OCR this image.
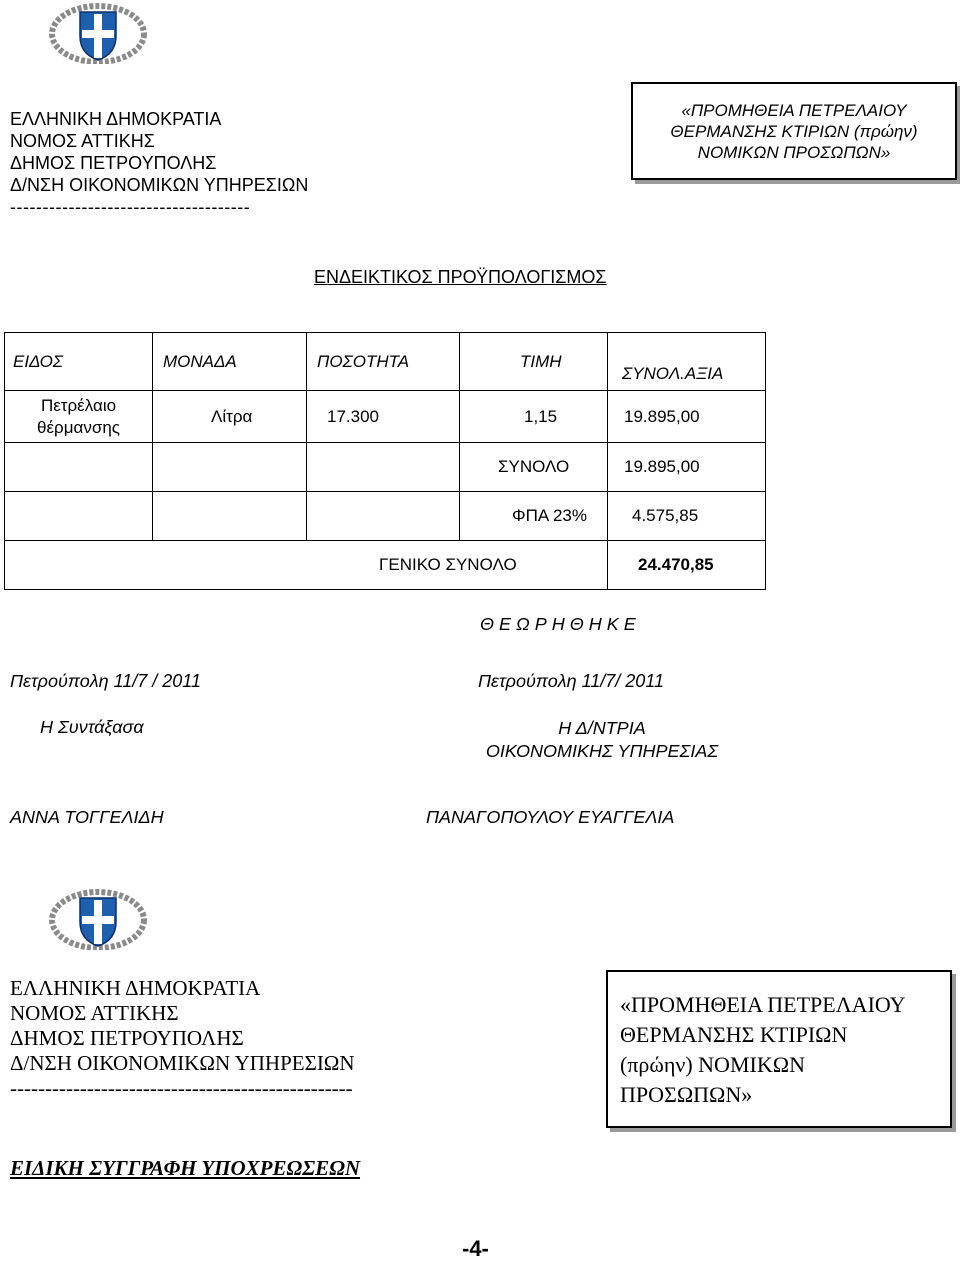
ΕΛΛΗΝΙΚΗ ΔΗΜΟΚΡΑΤΙΑ
ΝΟΜΟΣ ΑΤΤΙΚΗΣ
ΔΗΜΟΣ ΠΕΤΡΟΥΠΟΛΗΣ
Δ/ΝΣΗ ΟΙΚΟΝΟΜΙΚΩΝ ΥΠΗΡΕΣΙΩΝ
-------------------------------------
«ΠΡΟΜΗΘΕΙΑ ΠΕΤΡΕΛΑΙΟΥ
ΘΕΡΜΑΝΣΗΣ ΚΤΙΡΙΩΝ (πρώην)
ΝΟΜΙΚΩΝ ΠΡΟΣΩΠΩΝ»
ΕΝΔΕΙΚΤΙΚΟΣ ΠΡΟΫΠΟΛΟΓΙΣΜΟΣ
ΕΙΔΟΣ	ΜΟΝΑΔΑ	ΠΟΣΟΤΗΤΑ	ΤΙΜΗ	ΣΥΝΟΛ.ΑΞΙΑ

Πετρέλαιο
θέρμανσης	Λίτρα	17.300	1,15	19.895,00
			ΣΥΝΟΛΟ	19.895,00
			ΦΠΑ 23%	4.575,85
ΓΕΝΙΚΟ ΣΥΝΟΛΟ				24.470,85
Θ Ε Ω Ρ Η Θ Η Κ Ε
Πετρούπολη 11/7 / 2011	Πετρούπολη 11/7/ 2011
Η Συντάξασα	Η Δ/ΝΤΡΙΑ
ΟΙΚΟΝΟΜΙΚΗΣ ΥΠΗΡΕΣΙΑΣ
ΑΝΝΑ ΤΟΓΓΕΛΙΔΗ	ΠΑΝΑΓΟΠΟΥΛΟΥ ΕΥΑΓΓΕΛΙΑ
ΕΛΛΗΝΙΚΗ ΔΗΜΟΚΡΑΤΙΑ
ΝΟΜΟΣ ΑΤΤΙΚΗΣ
ΔΗΜΟΣ ΠΕΤΡΟΥΠΟΛΗΣ
Δ/ΝΣΗ ΟΙΚΟΝΟΜΙΚΩΝ ΥΠΗΡΕΣΙΩΝ
-------------------------------------------------
«ΠΡΟΜΗΘΕΙΑ ΠΕΤΡΕΛΑΙΟΥ
ΘΕΡΜΑΝΣΗΣ ΚΤΙΡΙΩΝ
(πρώην) ΝΟΜΙΚΩΝ
ΠΡΟΣΩΠΩΝ»
ΕΙΔΙΚΗ ΣΥΓΓΡΑΦΗ ΥΠΟΧΡΕΩΣΕΩΝ
-4-
